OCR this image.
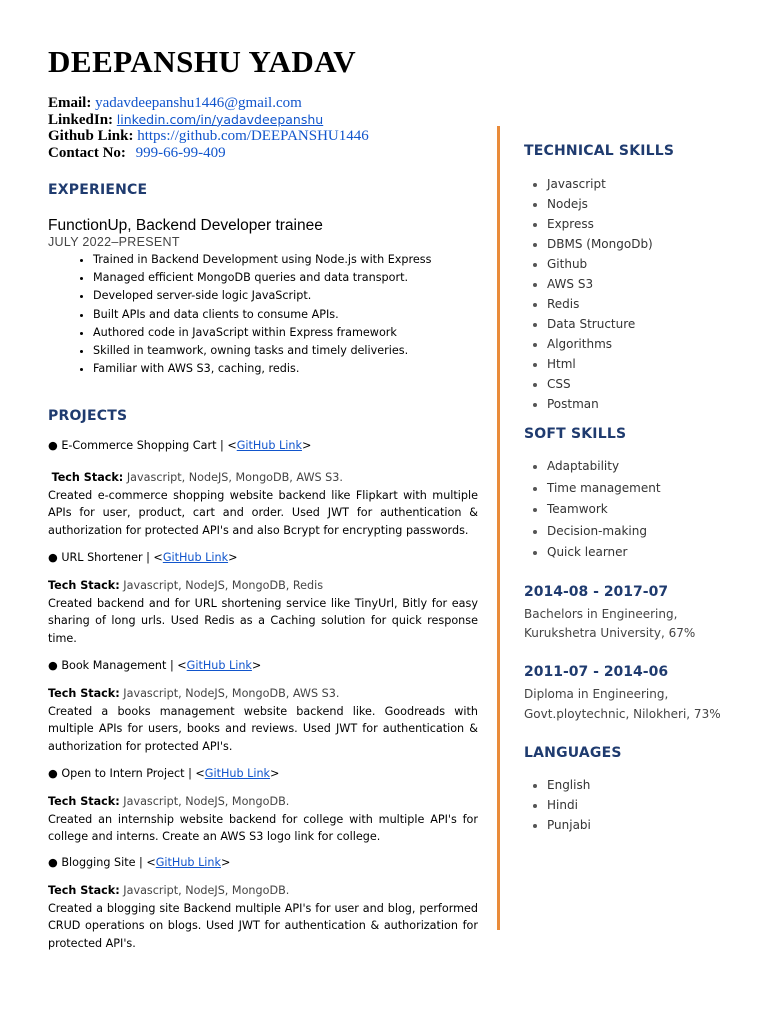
DEEPANSHU YADAV
Email: yadavdeepanshu1446@gmail.com
LinkedIn: linkedin.com/in/yadavdeepanshu
Github Link: https://github.com/DEEPANSHU1446
Contact No: 999-66-99-409
EXPERIENCE
FunctionUp, Backend Developer trainee
JULY 2022–PRESENT
• Trained in Backend Development using Node.js with Express
• Managed efficient MongoDB queries and data transport.
• Developed server-side logic JavaScript.
• Built APIs and data clients to consume APIs.
• Authored code in JavaScript within Express framework
• Skilled in teamwork, owning tasks and timely deliveries.
• Familiar with AWS S3, caching, redis.
PROJECTS
● E-Commerce Shopping Cart | <GitHub Link>
Tech Stack: Javascript, NodeJS, MongoDB, AWS S3.
Created e-commerce shopping website backend like Flipkart with multiple APIs for user, product, cart and order. Used JWT for authentication & authorization for protected API's and also Bcrypt for encrypting passwords.
● URL Shortener | <GitHub Link>
Tech Stack: Javascript, NodeJS, MongoDB, Redis
Created backend and for URL shortening service like TinyUrl, Bitly for easy sharing of long urls. Used Redis as a Caching solution for quick response time.
● Book Management | <GitHub Link>
Tech Stack: Javascript, NodeJS, MongoDB, AWS S3.
Created a books management website backend like. Goodreads with multiple APIs for users, books and reviews. Used JWT for authentication & authorization for protected API's.
● Open to Intern Project | <GitHub Link>
Tech Stack: Javascript, NodeJS, MongoDB.
Created an internship website backend for college with multiple API's for college and interns. Create an AWS S3 logo link for college.
● Blogging Site | <GitHub Link>
Tech Stack: Javascript, NodeJS, MongoDB.
Created a blogging site Backend multiple API's for user and blog, performed CRUD operations on blogs. Used JWT for authentication & authorization for protected API's.
TECHNICAL SKILLS
• Javascript
• Nodejs
• Express
• DBMS (MongoDb)
• Github
• AWS S3
• Redis
• Data Structure
• Algorithms
• Html
• CSS
• Postman
SOFT SKILLS
• Adaptability
• Time management
• Teamwork
• Decision-making
• Quick learner
2014-08 - 2017-07
Bachelors in Engineering,
Kurukshetra University, 67%
2011-07 - 2014-06
Diploma in Engineering,
Govt.ploytechnic, Nilokheri, 73%
LANGUAGES
• English
• Hindi
• Punjabi
